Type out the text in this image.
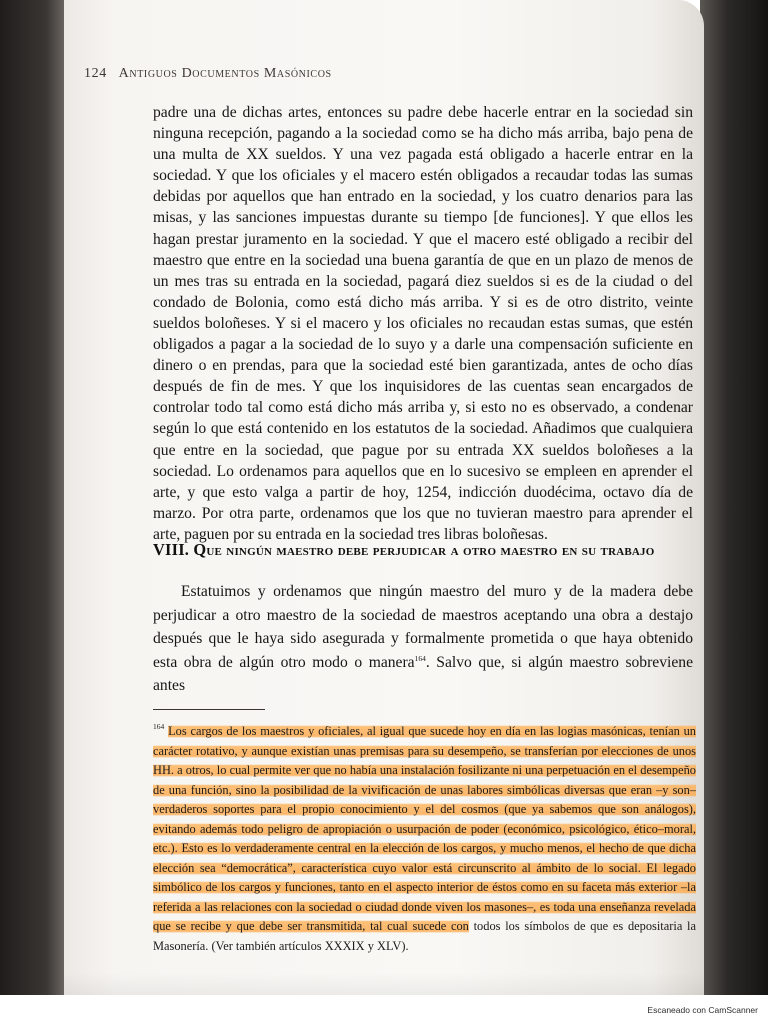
124 Antiguos Documentos Masónicos

padre una de dichas artes, entonces su padre debe hacerle entrar en la sociedad sin ninguna recepción, pagando a la sociedad como se ha dicho más arriba, bajo pena de una multa de XX sueldos. Y una vez pagada está obligado a hacerle entrar en la sociedad. Y que los oficiales y el macero estén obligados a recaudar todas las sumas debidas por aquellos que han entrado en la sociedad, y los cuatro denarios para las misas, y las sanciones impuestas durante su tiempo [de funciones]. Y que ellos les hagan prestar juramento en la sociedad. Y que el macero esté obligado a recibir del maestro que entre en la sociedad una buena garantía de que en un plazo de menos de un mes tras su entrada en la sociedad, pagará diez sueldos si es de la ciudad o del condado de Bolonia, como está dicho más arriba. Y si es de otro distrito, veinte sueldos boloñeses. Y si el macero y los oficiales no recaudan estas sumas, que estén obligados a pagar a la sociedad de lo suyo y a darle una compensación suficiente en dinero o en prendas, para que la sociedad esté bien garantizada, antes de ocho días después de fin de mes. Y que los inquisidores de las cuentas sean encargados de controlar todo tal como está dicho más arriba y, si esto no es observado, a condenar según lo que está contenido en los estatutos de la sociedad. Añadimos que cualquiera que entre en la sociedad, que pague por su entrada XX sueldos boloñeses a la sociedad. Lo ordenamos para aquellos que en lo sucesivo se empleen en aprender el arte, y que esto valga a partir de hoy, 1254, indicción duodécima, octavo día de marzo. Por otra parte, ordenamos que los que no tuvieran maestro para aprender el arte, paguen por su entrada en la sociedad tres libras boloñesas.

VIII. Que ningún maestro debe perjudicar a otro maestro en su trabajo

Estatuimos y ordenamos que ningún maestro del muro y de la madera debe perjudicar a otro maestro de la sociedad de maestros aceptando una obra a destajo después que le haya sido asegurada y formalmente prometida o que haya obtenido esta obra de algún otro modo o manera$^{164}$. Salvo que, si algún maestro sobreviene antes

$^{164}$ Los cargos de los maestros y oficiales, al igual que sucede hoy en día en las logias masónicas, tenían un carácter rotativo, y aunque existían unas premisas para su desempeño, se transferían por elecciones de unos HH. a otros, lo cual permite ver que no había una instalación fosilizante ni una perpetuación en el desempeño de una función, sino la posibilidad de la vivificación de unas labores simbólicas diversas que eran –y son– verdaderos soportes para el propio conocimiento y el del cosmos (que ya sabemos que son análogos), evitando además todo peligro de apropiación o usurpación de poder (económico, psicológico, ético–moral, etc.). Esto es lo verdaderamente central en la elección de los cargos, y mucho menos, el hecho de que dicha elección sea “democrática”, característica cuyo valor está circunscrito al ámbito de lo social. El legado simbólico de los cargos y funciones, tanto en el aspecto interior de éstos como en su faceta más exterior –la referida a las relaciones con la sociedad o ciudad donde viven los masones–, es toda una enseñanza revelada que se recibe y que debe ser transmitida, tal cual sucede con todos los símbolos de que es depositaria la Masonería. (Ver también artículos XXXIX y XLV).

Escaneado con CamScanner
